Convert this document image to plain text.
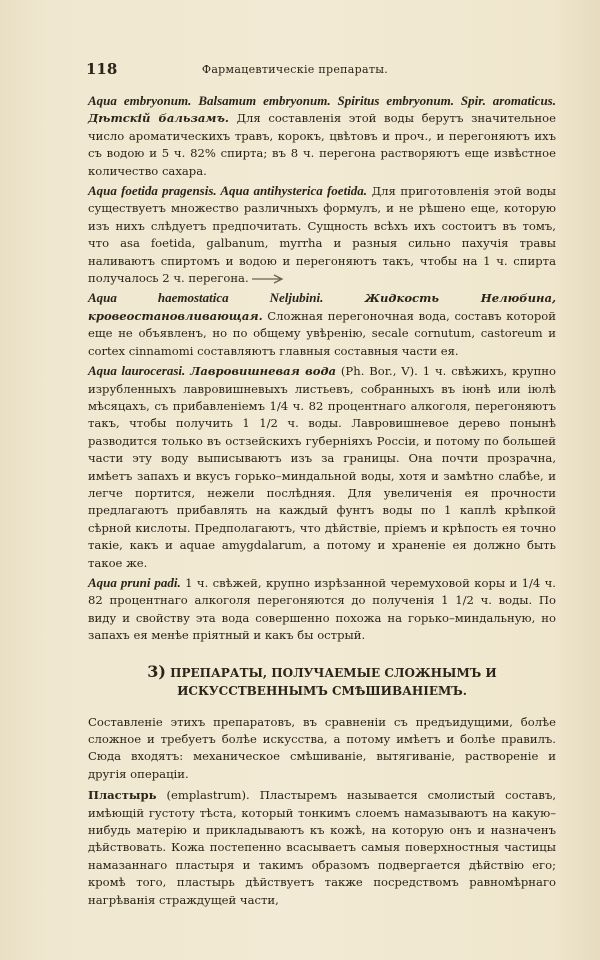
118	Фармацевтическіе препараты.

Aqua embryonum. Balsamum embryonum. Spiritus embryonum. Spir. aromaticus. Дѣтскій бальзамъ. Для составленія этой воды берутъ значительное число ароматическихъ травъ, корокъ, цвѣтовъ и проч., и перегоняютъ ихъ съ водою и 5 ч. 82% спирта; въ 8 ч. перегона растворяютъ еще извѣстное количество сахара.

Aqua foetida pragensis. Aqua antihysterica foetida. Для приготовленія этой воды существуетъ множество различныхъ формулъ, и не рѣшено еще, которую изъ нихъ слѣдуетъ предпочитать. Сущность всѣхъ ихъ состоитъ въ томъ, что asa foetida, galbanum, myrrha и разныя сильно пахучія травы наливаютъ спиртомъ и водою и перегоняютъ такъ, чтобы на 1 ч. спирта получалось 2 ч. перегона.

Aqua haemostatica Neljubini.	Жидкость Нелюбина, кровеостановливающая. Сложная перегоночная вода, составъ которой еще не объявленъ, но по общему увѣренію, secale cornutum, castoreum и cortex cinnamomi составляютъ главныя составныя части ея.

Aqua laurocerasi. Лавровишневая вода (Ph. Bor., V). 1 ч. свѣжихъ, крупно изрубленныхъ лавровишневыхъ листьевъ, собранныхъ въ іюнѣ или іюлѣ мѣсяцахъ, съ прибавленіемъ 1/4 ч. 82 процентнаго алкоголя, перегоняютъ такъ, чтобы получить 1 1/2 ч. воды. Лавровишневое дерево понынѣ разводится только въ остзейскихъ губерніяхъ Россіи, и потому по большей части эту воду выписываютъ изъ за границы. Она почти прозрачна, имѣетъ запахъ и вкусъ горько–миндальной воды, хотя и замѣтно слабѣе, и легче портится, нежели послѣдняя. Для увеличенія ея прочности предлагаютъ прибавлять на каждый фунтъ воды по 1 каплѣ крѣпкой сѣрной кислоты. Предполагаютъ, что дѣйствіе, пріемъ и крѣпость ея точно такіе, какъ и aquae amygdalarum, а потому и храненіе ея должно быть такое же.

Aqua pruni padi. 1 ч. свѣжей, крупно изрѣзанной черемуховой коры и 1/4 ч. 82 процентнаго алкоголя перегоняются до полученія 1 1/2 ч. воды. По виду и свойству эта вода совершенно похожа на горько–миндальную, но запахъ ея менѣе пріятный и какъ бы острый.

3) ПРЕПАРАТЫ, ПОЛУЧАЕМЫЕ СЛОЖНЫМЪ И ИСКУССТВЕННЫМЪ СМѢШИВАНІЕМЪ.

Составленіе этихъ препаратовъ, въ сравненіи съ предъидущими, болѣе сложное и требуетъ болѣе искусства, а потому имѣетъ и болѣе правилъ. Сюда входятъ: механическое смѣшиваніе, вытягиваніе, раствореніе и другія операціи.

Пластырь (emplastrum). Пластыремъ называется смолистый составъ, имѣющій густоту тѣста, который тонкимъ слоемъ намазываютъ на какую–нибудь матерію и прикладываютъ къ кожѣ, на которую онъ и назначенъ дѣйствовать. Кожа постепенно всасываетъ самыя поверхностныя частицы намазаннаго пластыря и такимъ образомъ подвергается дѣйствію его; кромѣ того, пластырь дѣйствуетъ также посредствомъ равномѣрнаго нагрѣванія страждущей части,
